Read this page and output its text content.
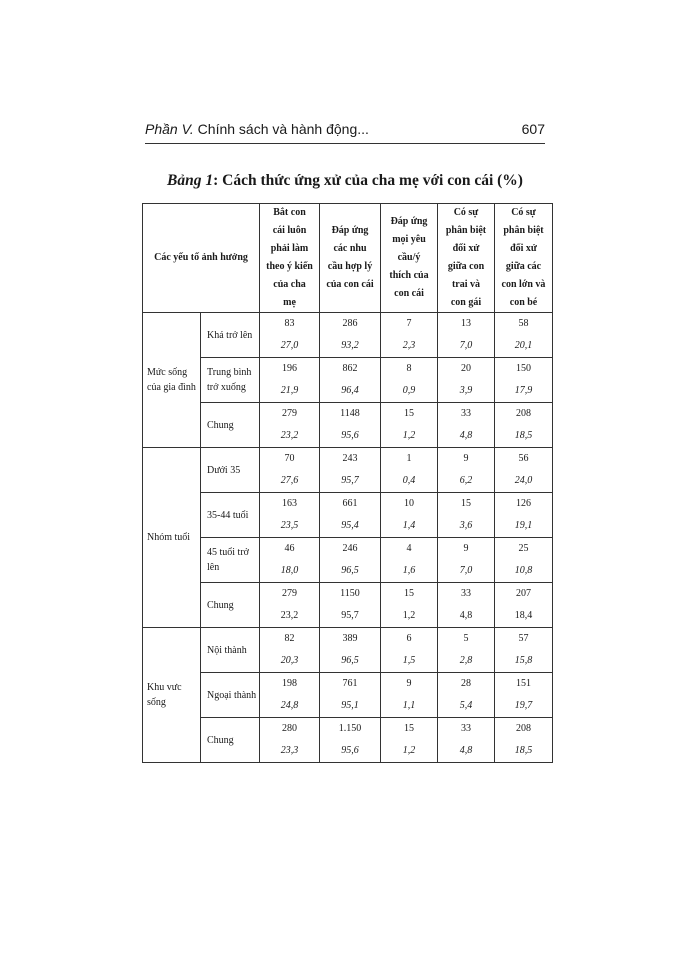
Phần V. Chính sách và hành động...	607
Bảng 1: Cách thức ứng xử của cha mẹ với con cái (%)
Các yếu tố ảnh hưởng		Bắt con cái luôn phải làm theo ý kiến của cha mẹ	Đáp ứng các nhu cầu hợp lý của con cái	Đáp ứng mọi yêu cầu/ý thích của con cái	Có sự phân biệt đối xử giữa con trai và con gái	Có sự phân biệt đối xử giữa các con lớn và con bé
Mức sống của gia đình	Khá trở lên	83	286	7	13	58
		27,0	93,2	2,3	7,0	20,1
	Trung bình trở xuống	196	862	8	20	150
		21,9	96,4	0,9	3,9	17,9
	Chung	279	1148	15	33	208
		23,2	95,6	1,2	4,8	18,5
Nhóm tuổi	Dưới 35	70	243	1	9	56
		27,6	95,7	0,4	6,2	24,0
	35-44 tuổi	163	661	10	15	126
		23,5	95,4	1,4	3,6	19,1
	45 tuổi trở lên	46	246	4	9	25
		18,0	96,5	1,6	7,0	10,8
	Chung	279	1150	15	33	207
		23,2	95,7	1,2	4,8	18,4
Khu vưc sống	Nội thành	82	389	6	5	57
		20,3	96,5	1,5	2,8	15,8
	Ngoại thành	198	761	9	28	151
		24,8	95,1	1,1	5,4	19,7
	Chung	280	1.150	15	33	208
		23,3	95,6	1,2	4,8	18,5
